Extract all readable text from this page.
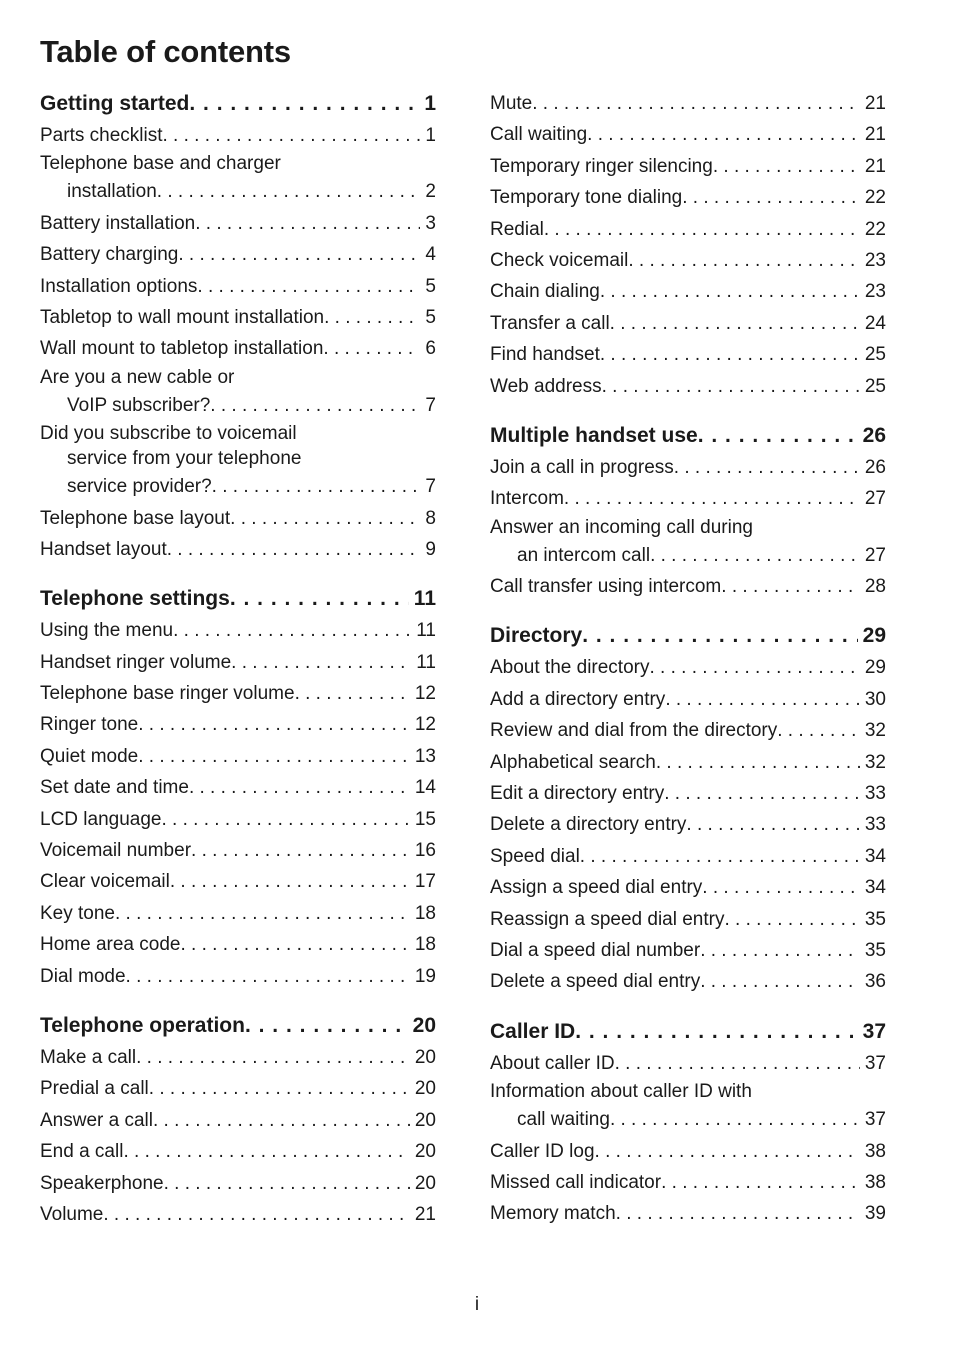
Table of contents
Getting started . . .	1
Parts checklist . . .	1
Telephone base and charger
installation . . .	2
Battery installation . . .	3
Battery charging . . .	4
Installation options . . .	5
Tabletop to wall mount installation . . .	5
Wall mount to tabletop installation . . .	6
Are you a new cable or
VoIP subscriber? . . .	7
Did you subscribe to voicemail
service from your telephone
service provider? . . .	7
Telephone base layout . . .	8
Handset layout . . .	9
Telephone settings . . .	11
Using the menu . . .	11
Handset ringer volume . . .	11
Telephone base ringer volume . . .	12
Ringer tone . . .	12
Quiet mode . . .	13
Set date and time . . .	14
LCD language . . .	15
Voicemail number . . .	16
Clear voicemail . . .	17
Key tone . . .	18
Home area code . . .	18
Dial mode . . .	19
Telephone operation . . .	20
Make a call . . .	20
Predial a call . . .	20
Answer a call . . .	20
End a call . . .	20
Speakerphone . . .	20
Volume . . .	21
Mute . . .	21
Call waiting . . .	21
Temporary ringer silencing . . .	21
Temporary tone dialing . . .	22
Redial . . .	22
Check voicemail . . .	23
Chain dialing . . .	23
Transfer a call . . .	24
Find handset . . .	25
Web address . . .	25
Multiple handset use . . .	26
Join a call in progress . . .	26
Intercom . . .	27
Answer an incoming call during
an intercom call . . .	27
Call transfer using intercom . . .	28
Directory . . .	29
About the directory . . .	29
Add a directory entry . . .	30
Review and dial from the directory . . .	32
Alphabetical search . . .	32
Edit a directory entry . . .	33
Delete a directory entry . . .	33
Speed dial . . .	34
Assign a speed dial entry . . .	34
Reassign a speed dial entry . . .	35
Dial a speed dial number . . .	35
Delete a speed dial entry . . .	36
Caller ID . . .	37
About caller ID . . .	37
Information about caller ID with
call waiting . . .	37
Caller ID log . . .	38
Missed call indicator . . .	38
Memory match . . .	39
i
